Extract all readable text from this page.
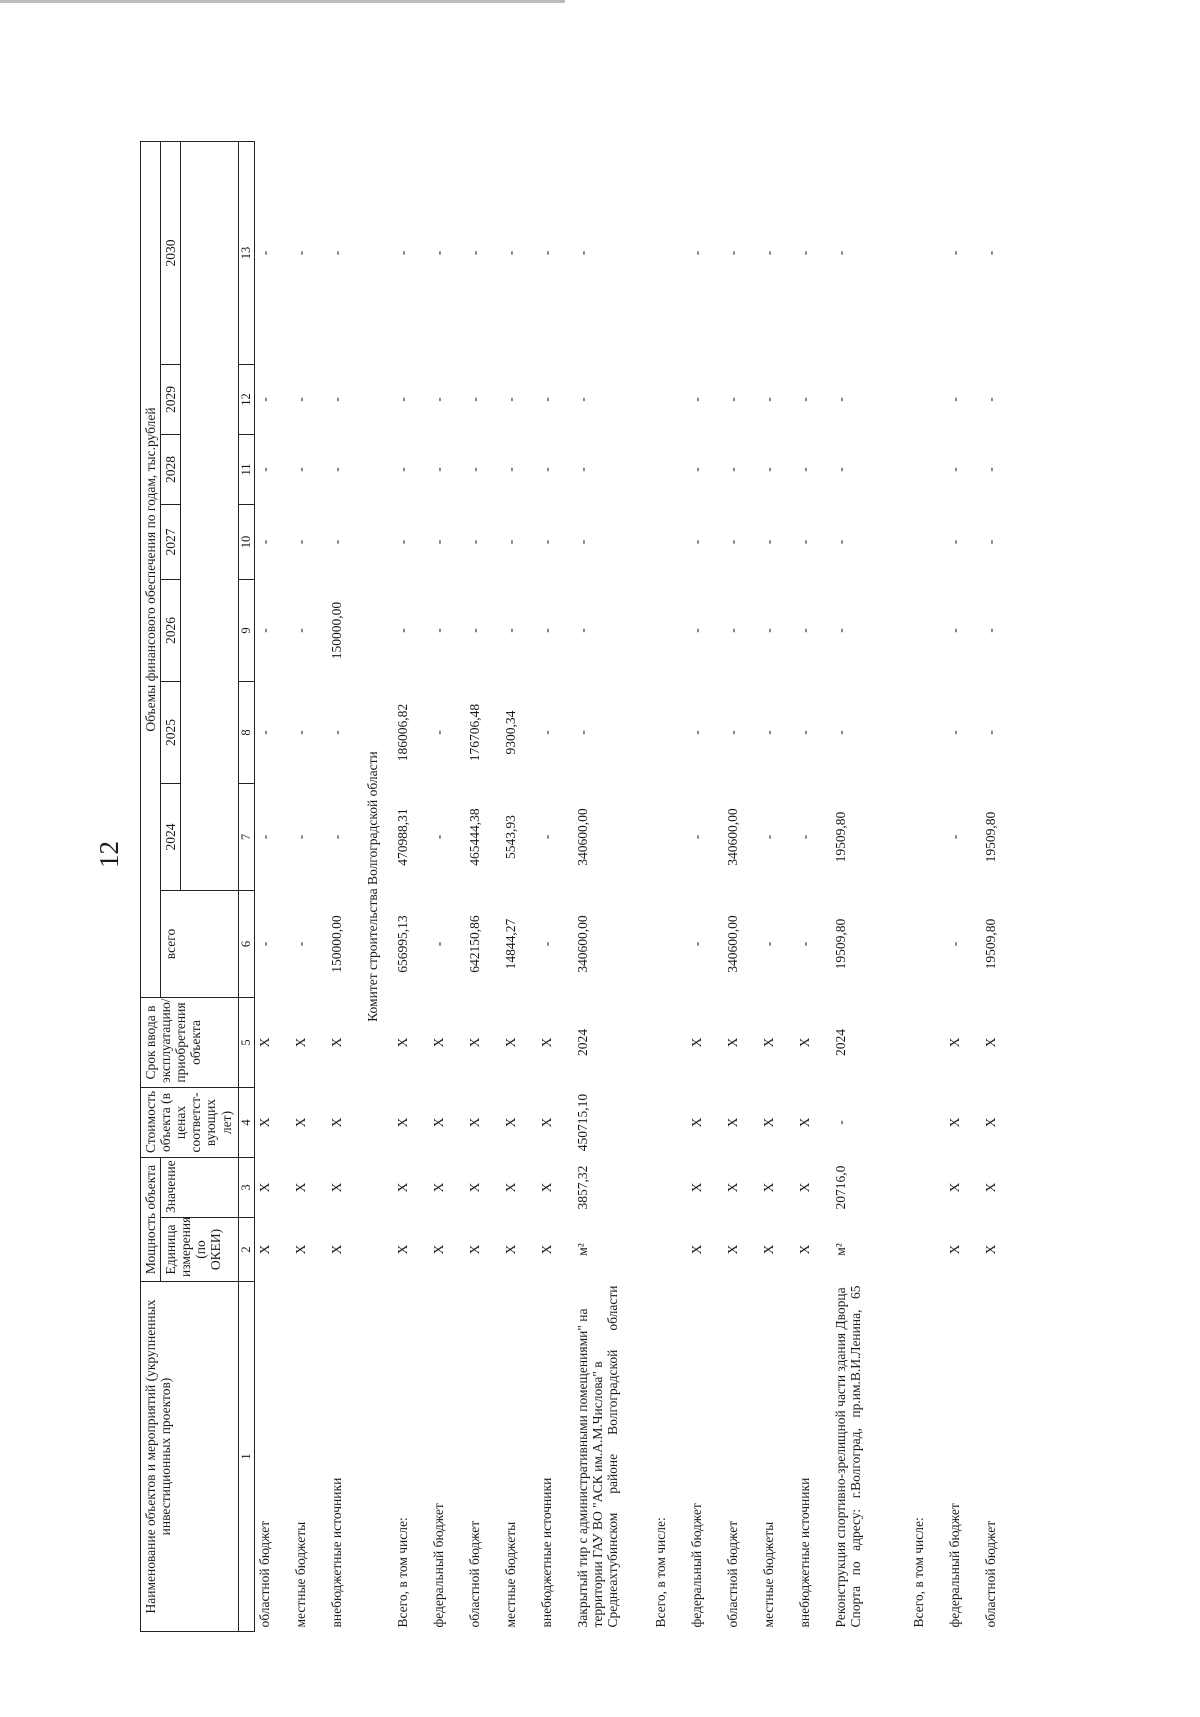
12
Наименование объектов и мероприятий (укрупненных инвестиционных проектов)	Мощность объекта		Стоимость объекта (в ценах соответст-вующих лет)	Срок ввода в эксплуатацию/ приобретения объекта	Объемы финансового обеспечения по годам, тыс.рублей							
	Единица измерения (по ОКЕИ)	Значение			всего	2024	2025	2026	2027	2028	2029	2030

1	2	3	4	5	6	7	8	9	10	11	12	13
областной бюджет	X	X	X	X	-	-	-	-	-	-	-	-
местные бюджеты	X	X	X	X	-	-	-	-	-	-	-	-
внебюджетные источники	X	X	X	X	150000,00	-	-	150000,00	-	-	-	-
Комитет строительства Волгоградской области												
Всего, в том числе:	X	X	X	X	656995,13	470988,31	186006,82	-	-	-	-	-
федеральный бюджет	X	X	X	X	-	-	-	-	-	-	-	-
областной бюджет	X	X	X	X	642150,86	465444,38	176706,48	-	-	-	-	-
местные бюджеты	X	X	X	X	14844,27	5543,93	9300,34	-	-	-	-	-
внебюджетные источники	X	X	X	X	-	-	-	-	-	-	-	-
Закрытый тир с административными помещениями" на территории ГАУ ВО "АСК им.А.М.Числова" в Среднеахтубинском районе Волгоградской области	м²	3857,32	450715,10	2024	340600,00	340600,00	-	-	-	-	-	-
Всего, в том числе:												
федеральный бюджет	X	X	X	X	-	-	-	-	-	-	-	-
областной бюджет	X	X	X	X	340600,00	340600,00	-	-	-	-	-	-
местные бюджеты	X	X	X	X	-	-	-	-	-	-	-	-
внебюджетные источники	X	X	X	X	-	-	-	-	-	-	-	-
Реконструкция спортивно-зрелищной части здания Дворца Спорта по адресу: г.Волгоград, пр.им.В.И.Ленина, 65	м²	20716,0	-	2024	19509,80	19509,80	-	-	-	-	-	-
Всего, в том числе:												
федеральный бюджет	X	X	X	X	-	-	-	-	-	-	-	-
областной бюджет	X	X	X	X	19509,80	19509,80	-	-	-	-	-	-
